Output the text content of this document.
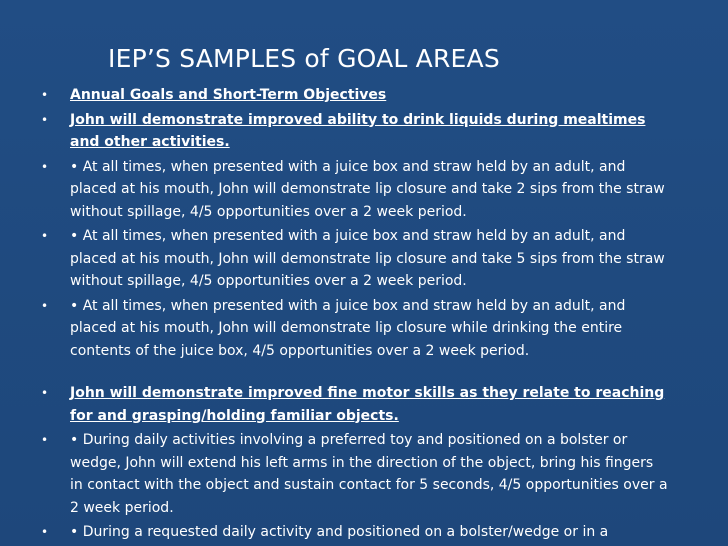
IEP’S SAMPLES of GOAL AREAS
• Annual Goals and Short-Term Objectives
• John will demonstrate improved ability to drink liquids during mealtimes and other activities.
• • At all times, when presented with a juice box and straw held by an adult, and placed at his mouth, John will demonstrate lip closure and take 2 sips from the straw without spillage, 4/5 opportunities over a 2 week period.
• • At all times, when presented with a juice box and straw held by an adult, and placed at his mouth, John will demonstrate lip closure and take 5 sips from the straw without spillage, 4/5 opportunities over a 2 week period.
• • At all times, when presented with a juice box and straw held by an adult, and placed at his mouth, John will demonstrate lip closure while drinking the entire contents of the juice box, 4/5 opportunities over a 2 week period.
• John will demonstrate improved fine motor skills as they relate to reaching for and grasping/holding familiar objects.
• • During daily activities involving a preferred toy and positioned on a bolster or wedge, John will extend his left arms in the direction of the object, bring his fingers in contact with the object and sustain contact for 5 seconds, 4/5 opportunities over a 2 week period.
• • During a requested daily activity and positioned on a bolster/wedge or in a
